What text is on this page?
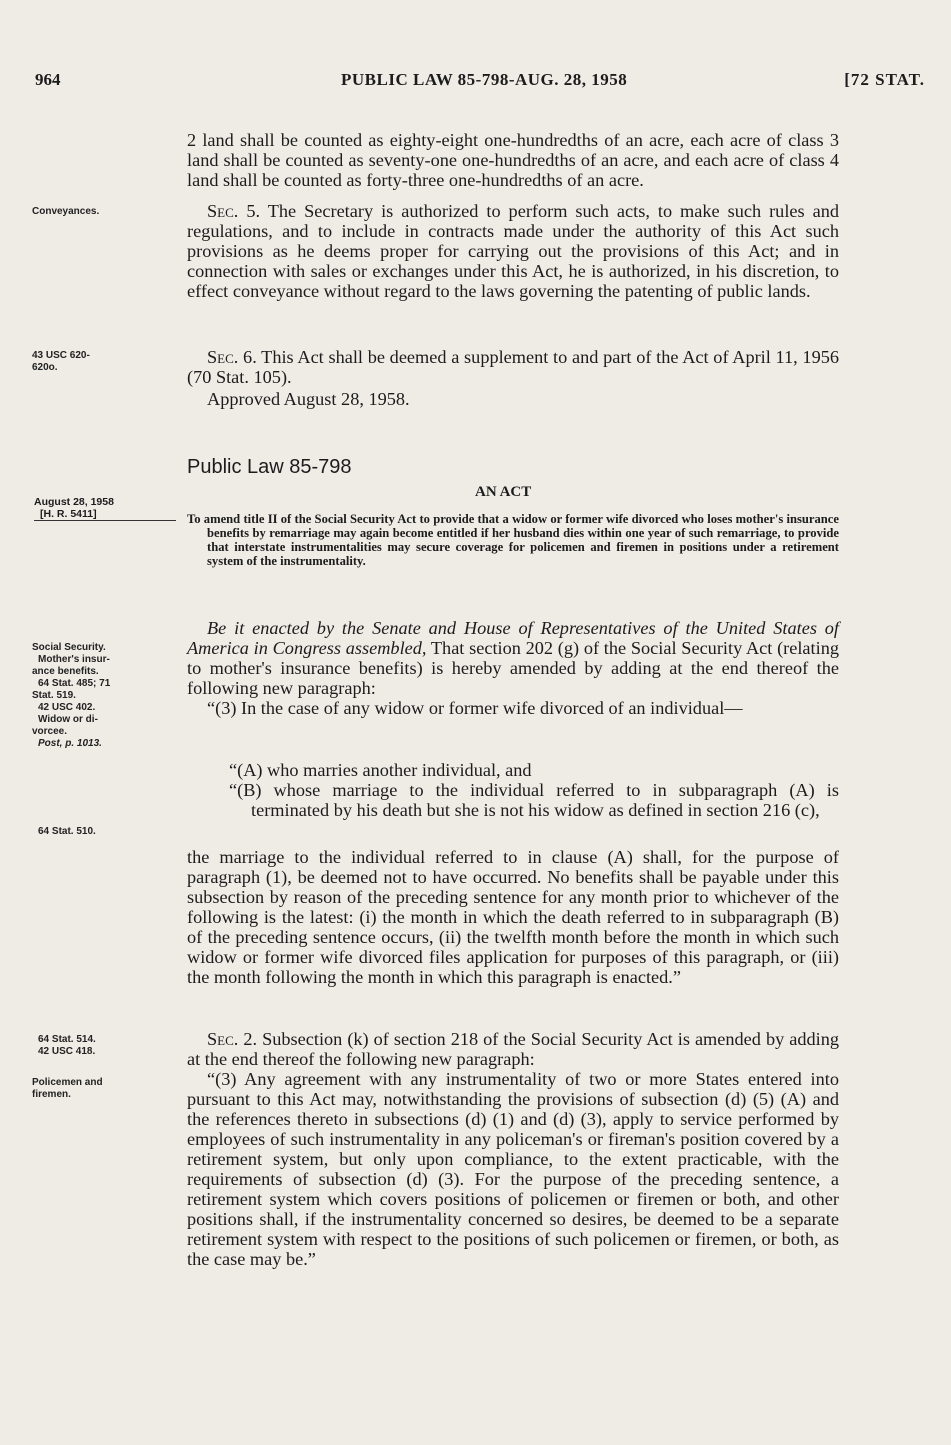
964	PUBLIC LAW 85-798-AUG. 28, 1958	[72 STAT.

2 land shall be counted as eighty-eight one-hundredths of an acre, each acre of class 3 land shall be counted as seventy-one one-hundredths of an acre, and each acre of class 4 land shall be counted as forty-three one-hundredths of an acre.

Conveyances.	Sec. 5. The Secretary is authorized to perform such acts, to make such rules and regulations, and to include in contracts made under the authority of this Act such provisions as he deems proper for carrying out the provisions of this Act; and in connection with sales or exchanges under this Act, he is authorized, in his discretion, to effect conveyance without regard to the laws governing the patenting of public lands.

43 USC 620-
620o.

Sec. 6. This Act shall be deemed a supplement to and part of the Act of April 11, 1956 (70 Stat. 105).

Approved August 28, 1958.
Public Law 85-798
AN ACT
August 28, 1958
[H. R. 5411]	To amend title II of the Social Security Act to provide that a widow or former wife divorced who loses mother's insurance benefits by remarriage may again become entitled if her husband dies within one year of such remarriage, to provide that interstate instrumentalities may secure coverage for policemen and firemen in positions under a retirement system of the instrumentality.

Social Security.
Mother's insur-
ance benefits.
64 Stat. 485; 71
Stat. 519.
42 USC 402.
Widow or di-
vorcee.
Post, p. 1013.

Be it enacted by the Senate and House of Representatives of the United States of America in Congress assembled, That section 202 (g) of the Social Security Act (relating to mother's insurance benefits) is hereby amended by adding at the end thereof the following new paragraph:

“(3) In the case of any widow or former wife divorced of an individual—

“(A) who marries another individual, and

“(B) whose marriage to the individual referred to in subparagraph (A) is terminated by his death but she is not his widow as defined in section 216 (c),

64 Stat. 510.

the marriage to the individual referred to in clause (A) shall, for the purpose of paragraph (1), be deemed not to have occurred. No benefits shall be payable under this subsection by reason of the preceding sentence for any month prior to whichever of the following is the latest: (i) the month in which the death referred to in subparagraph (B) of the preceding sentence occurs, (ii) the twelfth month before the month in which such widow or former wife divorced files application for purposes of this paragraph, or (iii) the month following the month in which this paragraph is enacted.”

64 Stat. 514.
42 USC 418.
Policemen and
firemen.

Sec. 2. Subsection (k) of section 218 of the Social Security Act is amended by adding at the end thereof the following new paragraph:

“(3) Any agreement with any instrumentality of two or more States entered into pursuant to this Act may, notwithstanding the provisions of subsection (d) (5) (A) and the references thereto in subsections (d) (1) and (d) (3), apply to service performed by employees of such instrumentality in any policeman's or fireman's position covered by a retirement system, but only upon compliance, to the extent practicable, with the requirements of subsection (d) (3). For the purpose of the preceding sentence, a retirement system which covers positions of policemen or firemen or both, and other positions shall, if the instrumentality concerned so desires, be deemed to be a separate retirement system with respect to the positions of such policemen or firemen, or both, as the case may be.”
